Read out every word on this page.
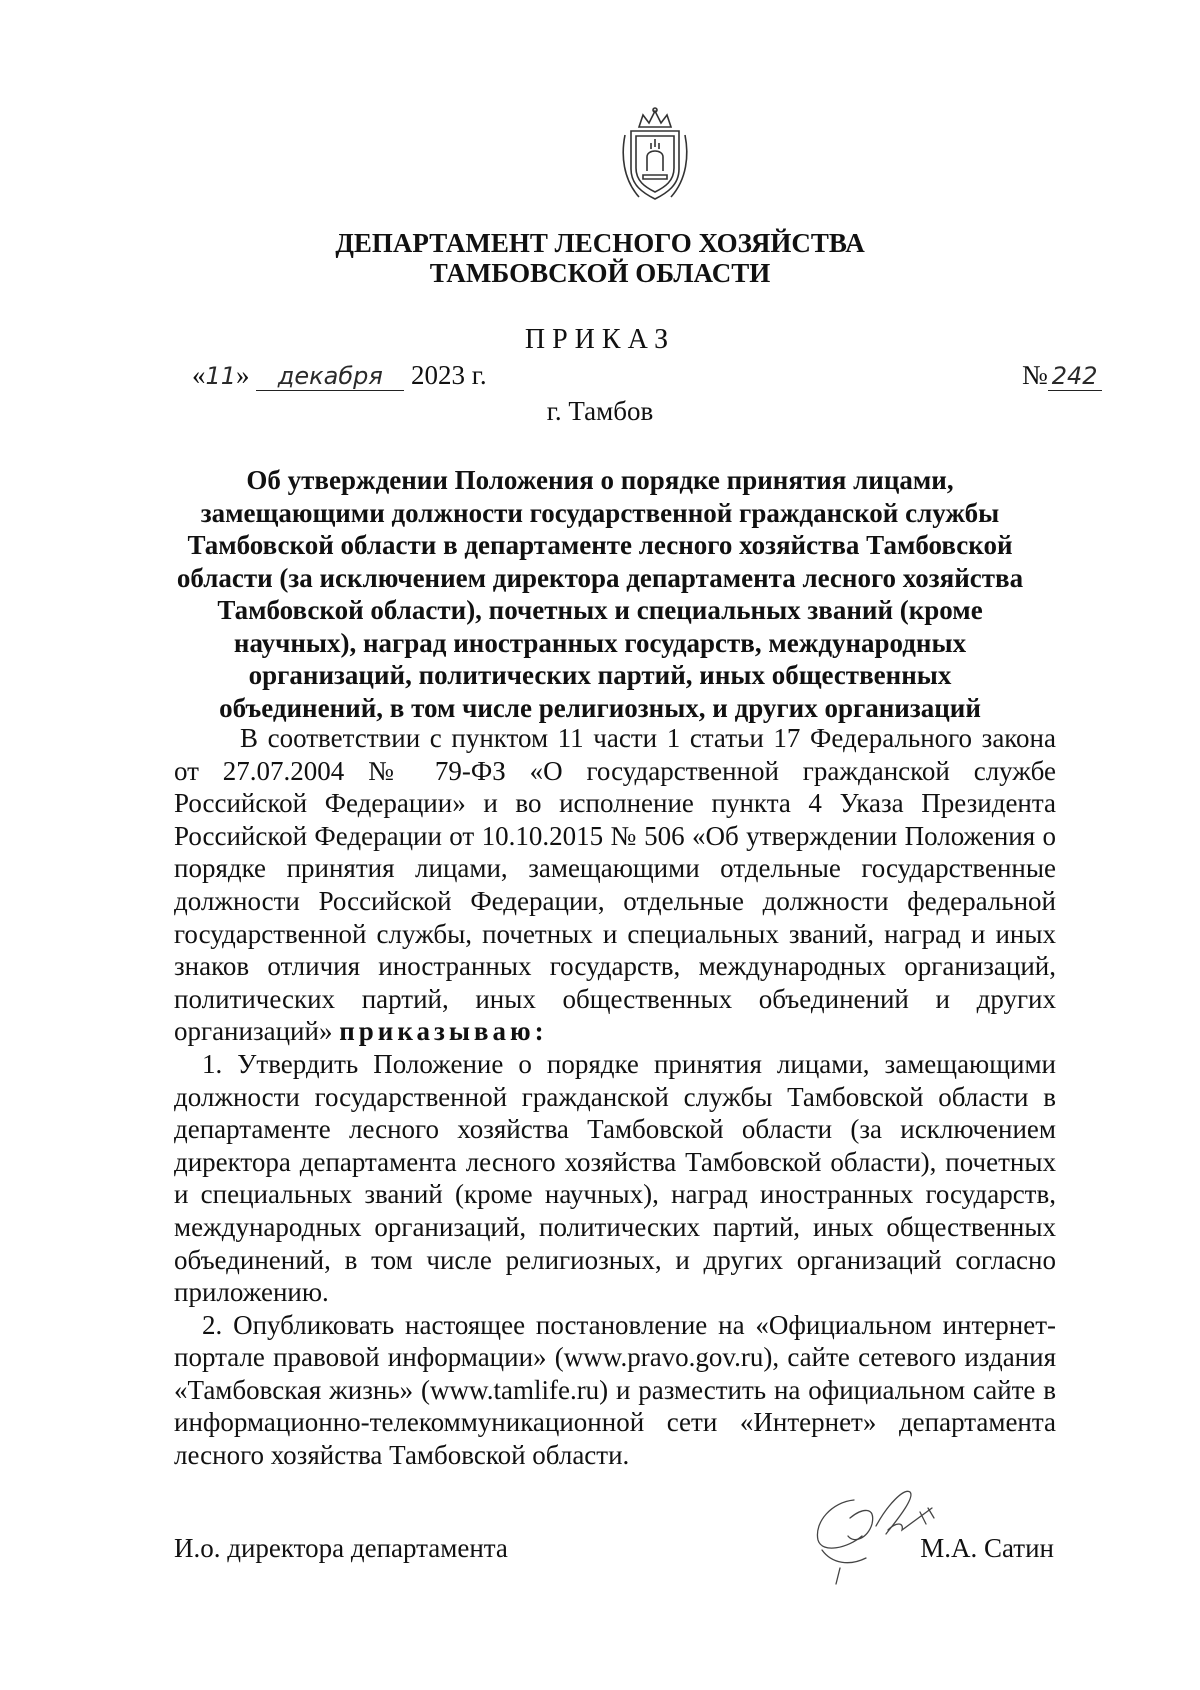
ДЕПАРТАМЕНТ ЛЕСНОГО ХОЗЯЙСТВА
ТАМБОВСКОЙ ОБЛАСТИ
ПРИКАЗ
«11» декабря 2023 г.	№ 242
г. Тамбов
Об утверждении Положения о порядке принятия лицами, замещающими должности государственной гражданской службы Тамбовской области в департаменте лесного хозяйства Тамбовской области (за исключением директора департамента лесного хозяйства Тамбовской области), почетных и специальных званий (кроме научных), наград иностранных государств, международных организаций, политических партий, иных общественных объединений, в том числе религиозных, и других организаций

В соответствии с пунктом 11 части 1 статьи 17 Федерального закона от 27.07.2004 № 79-ФЗ «О государственной гражданской службе Российской Федерации» и во исполнение пункта 4 Указа Президента Российской Федерации от 10.10.2015 № 506 «Об утверждении Положения о порядке принятия лицами, замещающими отдельные государственные должности Российской Федерации, отдельные должности федеральной государственной службы, почетных и специальных званий, наград и иных знаков отличия иностранных государств, международных организаций, политических партий, иных общественных объединений и других организаций» приказываю:

1. Утвердить Положение о порядке принятия лицами, замещающими должности государственной гражданской службы Тамбовской области в департаменте лесного хозяйства Тамбовской области (за исключением директора департамента лесного хозяйства Тамбовской области), почетных и специальных званий (кроме научных), наград иностранных государств, международных организаций, политических партий, иных общественных объединений, в том числе религиозных, и других организаций согласно приложению.

2. Опубликовать настоящее постановление на «Официальном интернет-портале правовой информации» (www.pravo.gov.ru), сайте сетевого издания «Тамбовская жизнь» (www.tamlife.ru) и разместить на официальном сайте в информационно-телекоммуникационной сети «Интернет» департамента лесного хозяйства Тамбовской области.

И.о. директора департамента	М.А. Сатин
